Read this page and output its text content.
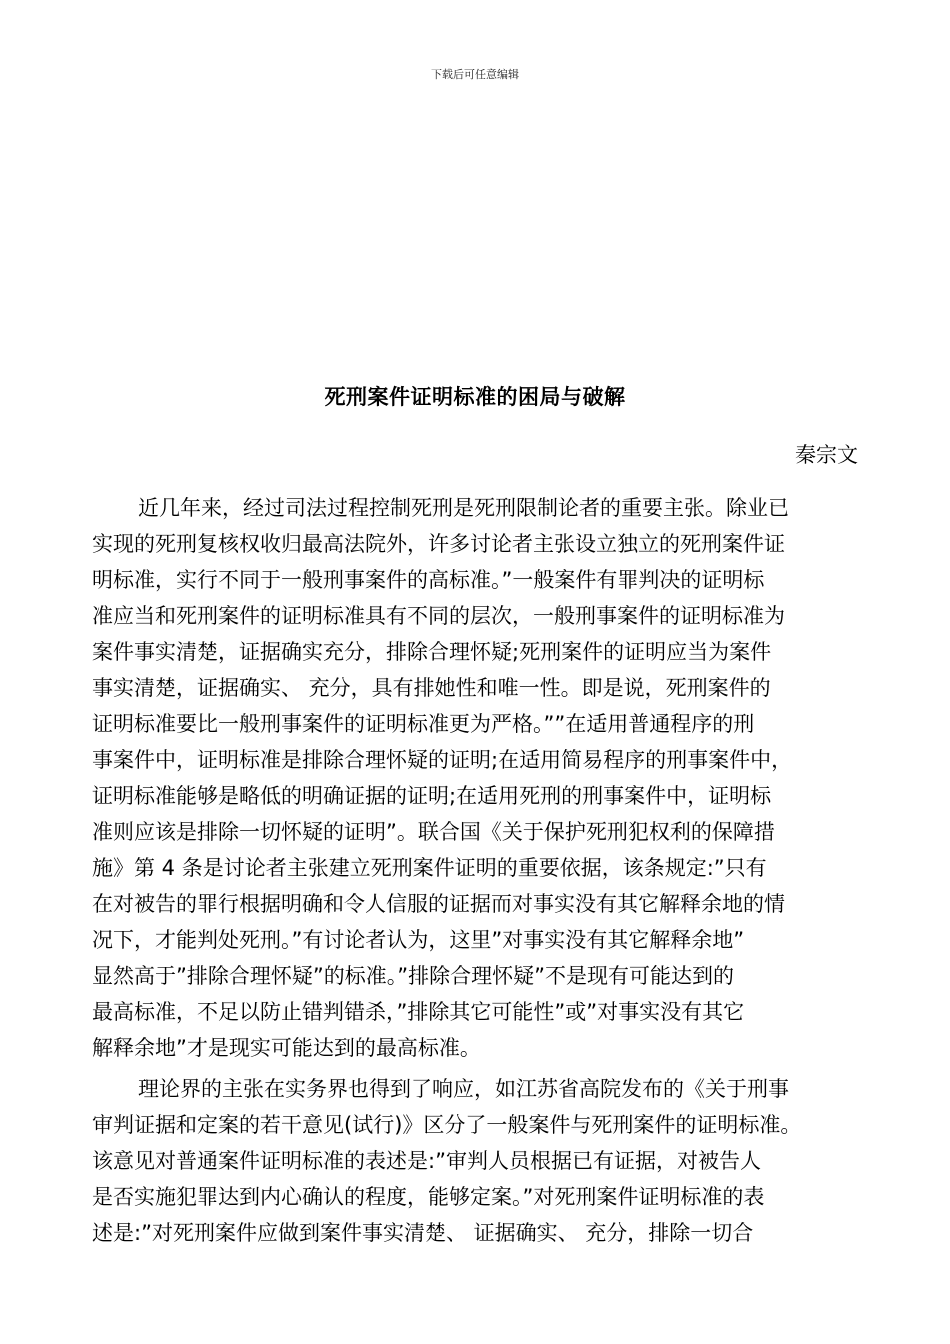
下载后可任意编辑
死刑案件证明标准的困局与破解
秦宗文
近几年来，经过司法过程控制死刑是死刑限制论者的重要主张。除业已
实现的死刑复核权收归最高法院外，许多讨论者主张设立独立的死刑案件证
明标准，实行不同于一般刑事案件的高标准。”一般案件有罪判决的证明标
准应当和死刑案件的证明标准具有不同的层次，一般刑事案件的证明标准为
案件事实清楚，证据确实充分，排除合理怀疑;死刑案件的证明应当为案件
事实清楚，证据确实、 充分，具有排她性和唯一性。即是说，死刑案件的
证明标准要比一般刑事案件的证明标准更为严格。””在适用普通程序的刑
事案件中，证明标准是排除合理怀疑的证明;在适用简易程序的刑事案件中，
证明标准能够是略低的明确证据的证明;在适用死刑的刑事案件中，证明标
准则应该是排除一切怀疑的证明”。联合国《关于保护死刑犯权利的保障措
施》第 4 条是讨论者主张建立死刑案件证明的重要依据，该条规定:”只有
在对被告的罪行根据明确和令人信服的证据而对事实没有其它解释余地的情
况下，才能判处死刑。”有讨论者认为，这里”对事实没有其它解释余地”
显然高于”排除合理怀疑”的标准。”排除合理怀疑”不是现有可能达到的
最高标准，不足以防止错判错杀，”排除其它可能性”或”对事实没有其它
解释余地”才是现实可能达到的最高标准。
理论界的主张在实务界也得到了响应，如江苏省高院发布的《关于刑事
审判证据和定案的若干意见(试行)》区分了一般案件与死刑案件的证明标准。
该意见对普通案件证明标准的表述是:”审判人员根据已有证据，对被告人
是否实施犯罪达到内心确认的程度，能够定案。”对死刑案件证明标准的表
述是:”对死刑案件应做到案件事实清楚、 证据确实、 充分，排除一切合
